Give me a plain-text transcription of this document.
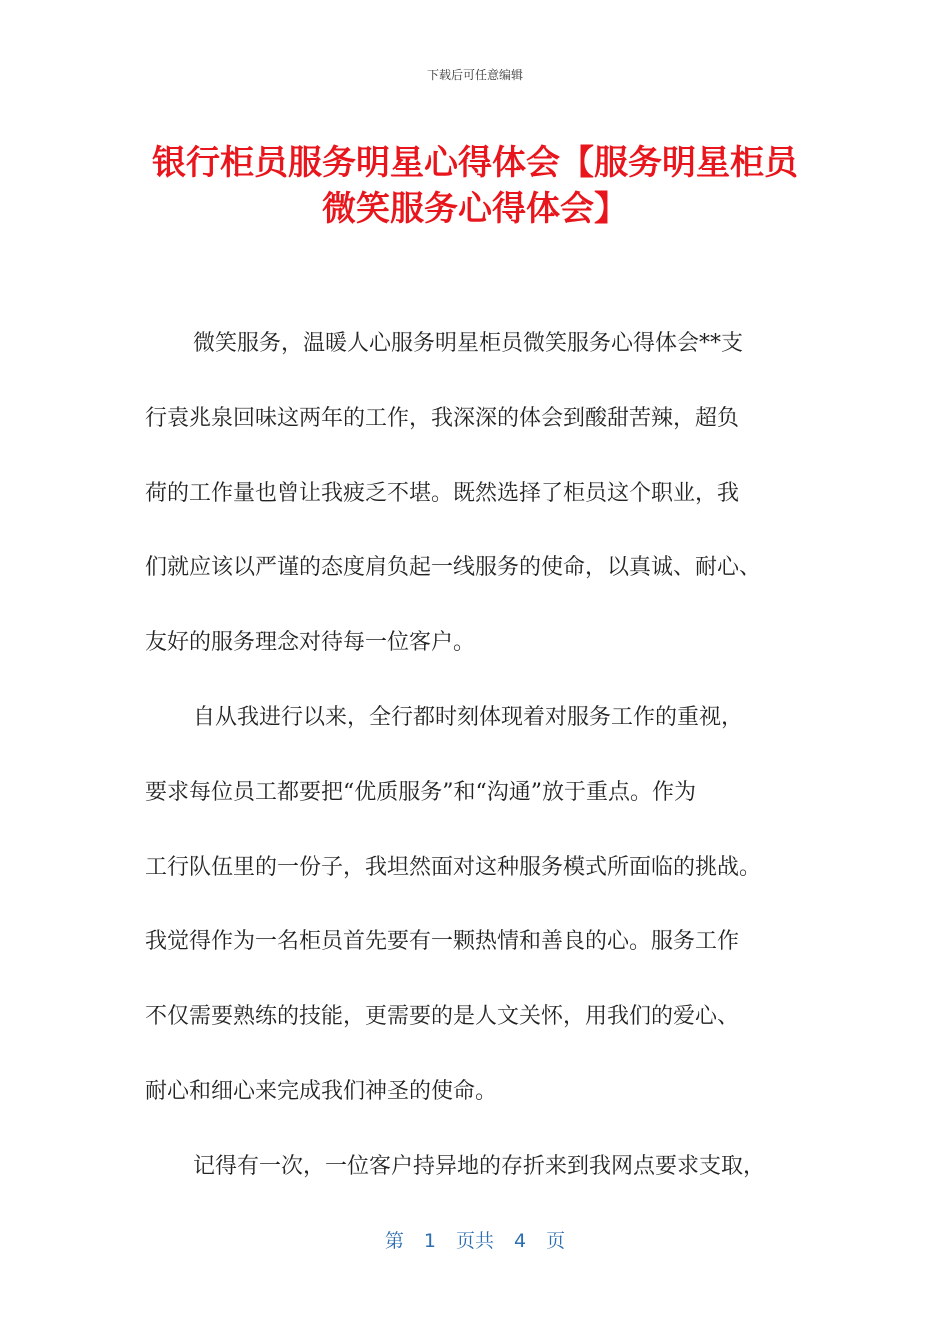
下载后可任意编辑
银行柜员服务明星心得体会【服务明星柜员
微笑服务心得体会】
微笑服务，温暖人心服务明星柜员微笑服务心得体会**支
行袁兆泉回味这两年的工作，我深深的体会到酸甜苦辣，超负
荷的工作量也曾让我疲乏不堪。既然选择了柜员这个职业，我
们就应该以严谨的态度肩负起一线服务的使命，以真诚、耐心、
友好的服务理念对待每一位客户。
自从我进行以来，全行都时刻体现着对服务工作的重视，
要求每位员工都要把“优质服务”和“沟通”放于重点。作为
工行队伍里的一份子，我坦然面对这种服务模式所面临的挑战。
我觉得作为一名柜员首先要有一颗热情和善良的心。服务工作
不仅需要熟练的技能，更需要的是人文关怀，用我们的爱心、
耐心和细心来完成我们神圣的使命。
记得有一次，一位客户持异地的存折来到我网点要求支取，
第 1 页共 4 页
